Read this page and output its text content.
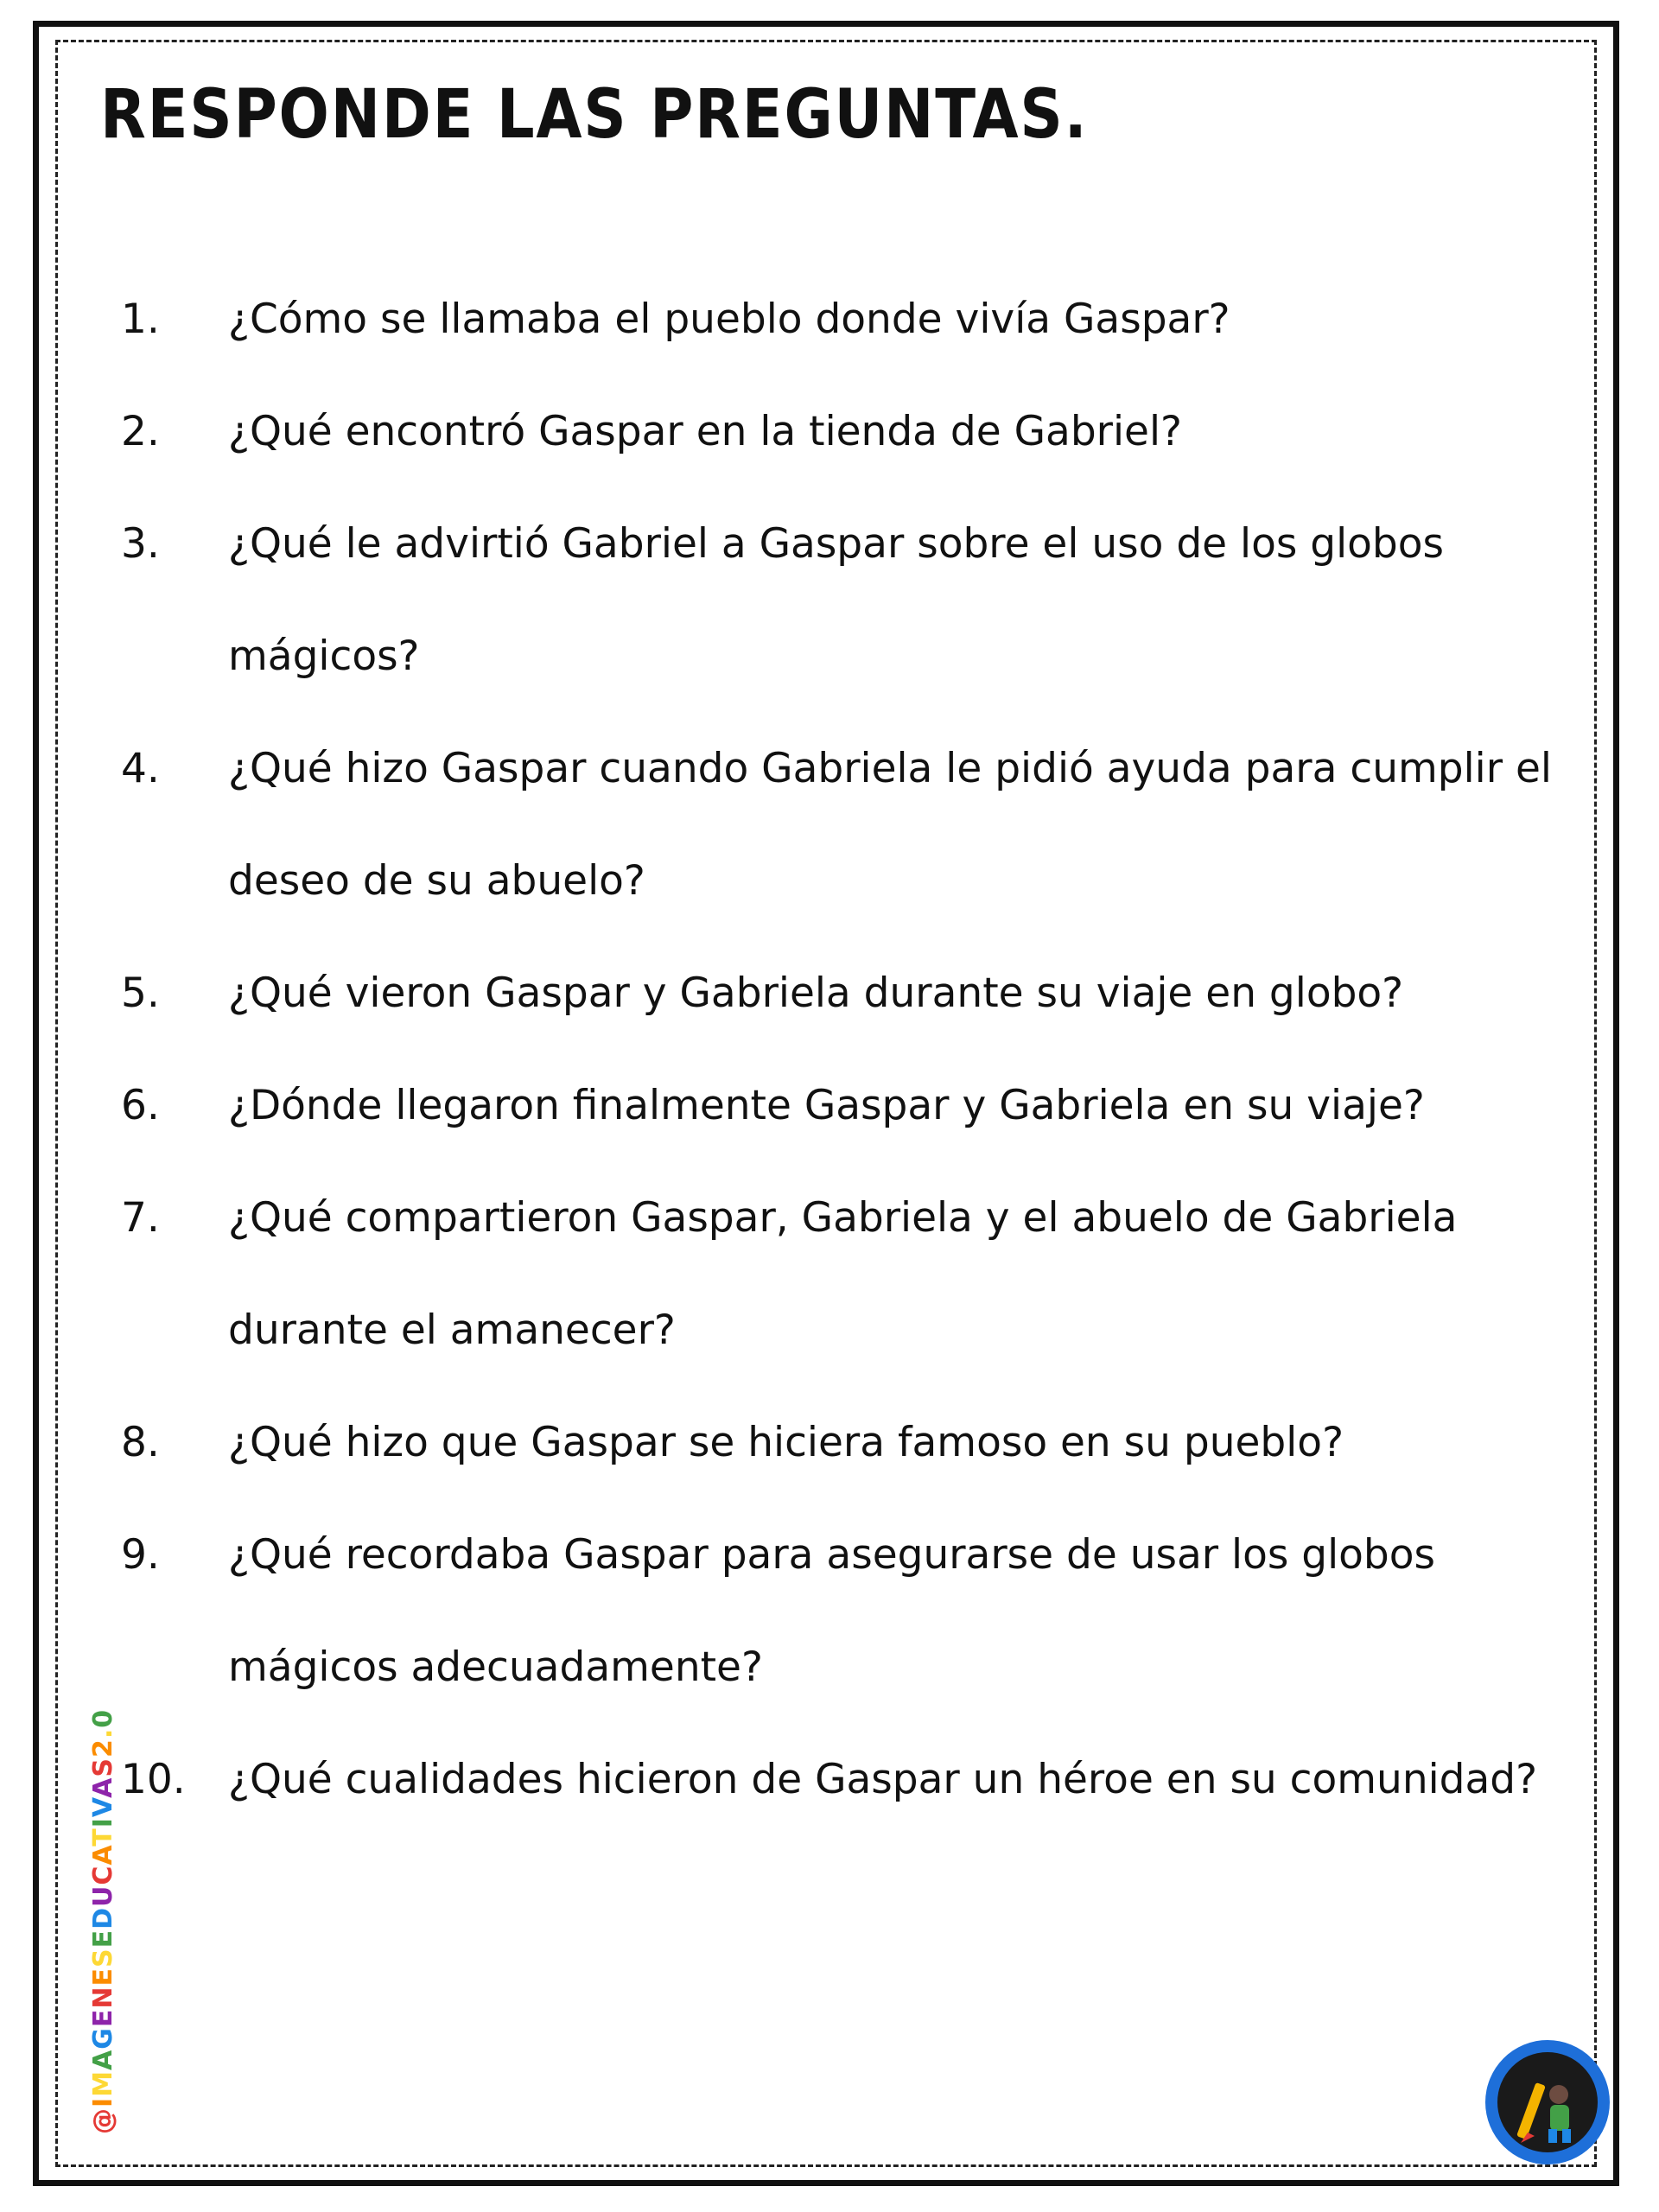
RESPONDE LAS PREGUNTAS.
1. ¿Cómo se llamaba el pueblo donde vivía Gaspar?
2. ¿Qué encontró Gaspar en la tienda de Gabriel?
3. ¿Qué le advirtió Gabriel a Gaspar sobre el uso de los globos
mágicos?
4. ¿Qué hizo Gaspar cuando Gabriela le pidió ayuda para cumplir el
deseo de su abuelo?
5. ¿Qué vieron Gaspar y Gabriela durante su viaje en globo?
6. ¿Dónde llegaron finalmente Gaspar y Gabriela en su viaje?
7. ¿Qué compartieron Gaspar, Gabriela y el abuelo de Gabriela
durante el amanecer?
8. ¿Qué hizo que Gaspar se hiciera famoso en su pueblo?
9. ¿Qué recordaba Gaspar para asegurarse de usar los globos
mágicos adecuadamente?
10. ¿Qué cualidades hicieron de Gaspar un héroe en su comunidad?
@IMAGENESEDUCATIVAS2.0
